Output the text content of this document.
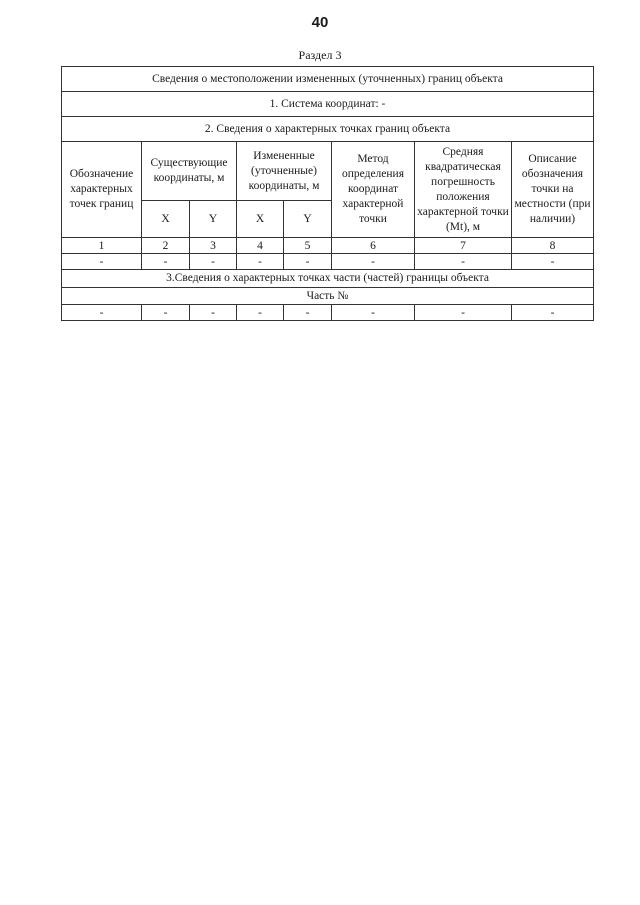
40
Раздел 3
Сведения о местоположении измененных (уточненных) границ объекта							
1. Система координат: -							
2. Сведения о характерных точках границ объекта							
Обозначение характерных точек границ	Существующие координаты, м		Измененные (уточненные) координаты, м		Метод определения координат характерной точки	Средняя квадратическая погрешность положения характерной точки (Mt), м	Описание обозначения точки на местности (при наличии)
	X	Y	X	Y			
1	2	3	4	5	6	7	8
-	-	-	-	-	-	-	-
3.Сведения о характерных точках части (частей) границы объекта							
Часть №							
-	-	-	-	-	-	-	-
